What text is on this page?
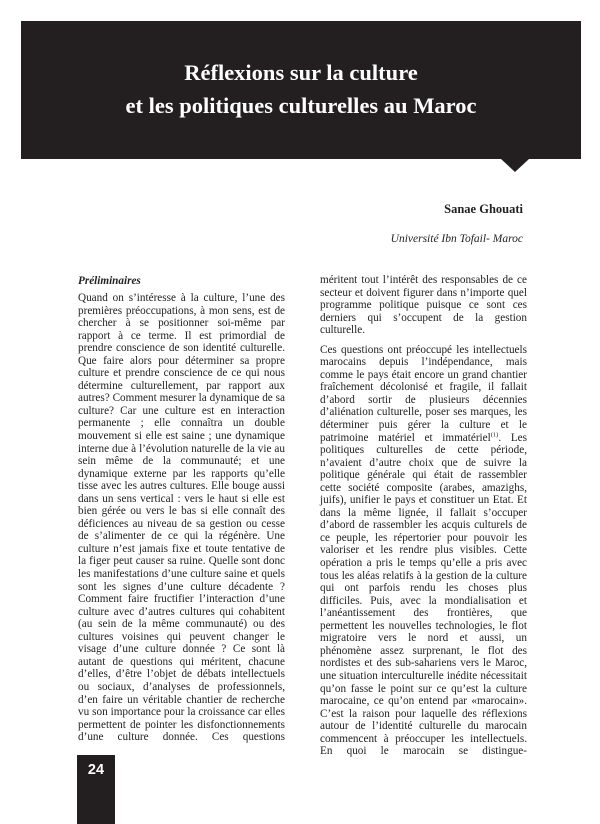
Réflexions sur la culture
et les politiques culturelles au Maroc
Sanae Ghouati
Université Ibn Tofail- Maroc
Préliminaires

Quand on s’intéresse à la culture, l’une des premières préoccupations, à mon sens, est de chercher à se positionner soi-même par rapport à ce terme. Il est primordial de prendre conscience de son identité culturelle. Que faire alors pour déterminer sa propre culture et prendre conscience de ce qui nous détermine culturellement, par rapport aux autres? Comment mesurer la dynamique de sa culture? Car une culture est en interaction permanente ; elle connaîtra un double mouvement si elle est saine ; une dynamique interne due à l’évolution naturelle de la vie au sein même de la communauté; et une dynamique externe par les rapports qu’elle tisse avec les autres cultures. Elle bouge aussi dans un sens vertical : vers le haut si elle est bien gérée ou vers le bas si elle connaît des déficiences au niveau de sa gestion ou cesse de s’alimenter de ce qui la régénère. Une culture n’est jamais fixe et toute tentative de la figer peut causer sa ruine. Quelle sont donc les manifestations d’une culture saine et quels sont les signes d’une culture décadente ? Comment faire fructifier l’interaction d’une culture avec d’autres cultures qui cohabitent (au sein de la même communauté) ou des cultures voisines qui peuvent changer le visage d’une culture donnée ? Ce sont là autant de questions qui méritent, chacune d’elles, d’être l’objet de débats intellectuels ou sociaux, d’analyses de professionnels, d’en faire un véritable chantier de recherche vu son importance pour la croissance car elles permettent de pointer les disfonctionnements d’une culture donnée. Ces questions

méritent tout l’intérêt des responsables de ce secteur et doivent figurer dans n’importe quel programme politique puisque ce sont ces derniers qui s’occupent de la gestion culturelle.

Ces questions ont préoccupé les intellectuels marocains depuis l’indépendance, mais comme le pays était encore un grand chantier fraîchement décolonisé et fragile, il fallait d’abord sortir de plusieurs décennies d’aliénation culturelle, poser ses marques, les déterminer puis gérer la culture et le patrimoine matériel et immatériel$^{(1)}$. Les politiques culturelles de cette période, n’avaient d’autre choix que de suivre la politique générale qui était de rassembler cette société composite (arabes, amazighs, juifs), unifier le pays et constituer un Etat. Et dans la même lignée, il fallait s’occuper d’abord de rassembler les acquis culturels de ce peuple, les répertorier pour pouvoir les valoriser et les rendre plus visibles. Cette opération a pris le temps qu’elle a pris avec tous les aléas relatifs à la gestion de la culture qui ont parfois rendu les choses plus difficiles. Puis, avec la mondialisation et l’anéantissement des frontières, que permettent les nouvelles technologies, le flot migratoire vers le nord et aussi, un phénomène assez surprenant, le flot des nordistes et des sub-sahariens vers le Maroc, une situation interculturelle inédite nécessitait qu’on fasse le point sur ce qu’est la culture marocaine, ce qu’on entend par «marocain». C’est la raison pour laquelle des réflexions autour de l’identité culturelle du marocain commencent à préoccuper les intellectuels. En quoi le marocain se distingue-

24
